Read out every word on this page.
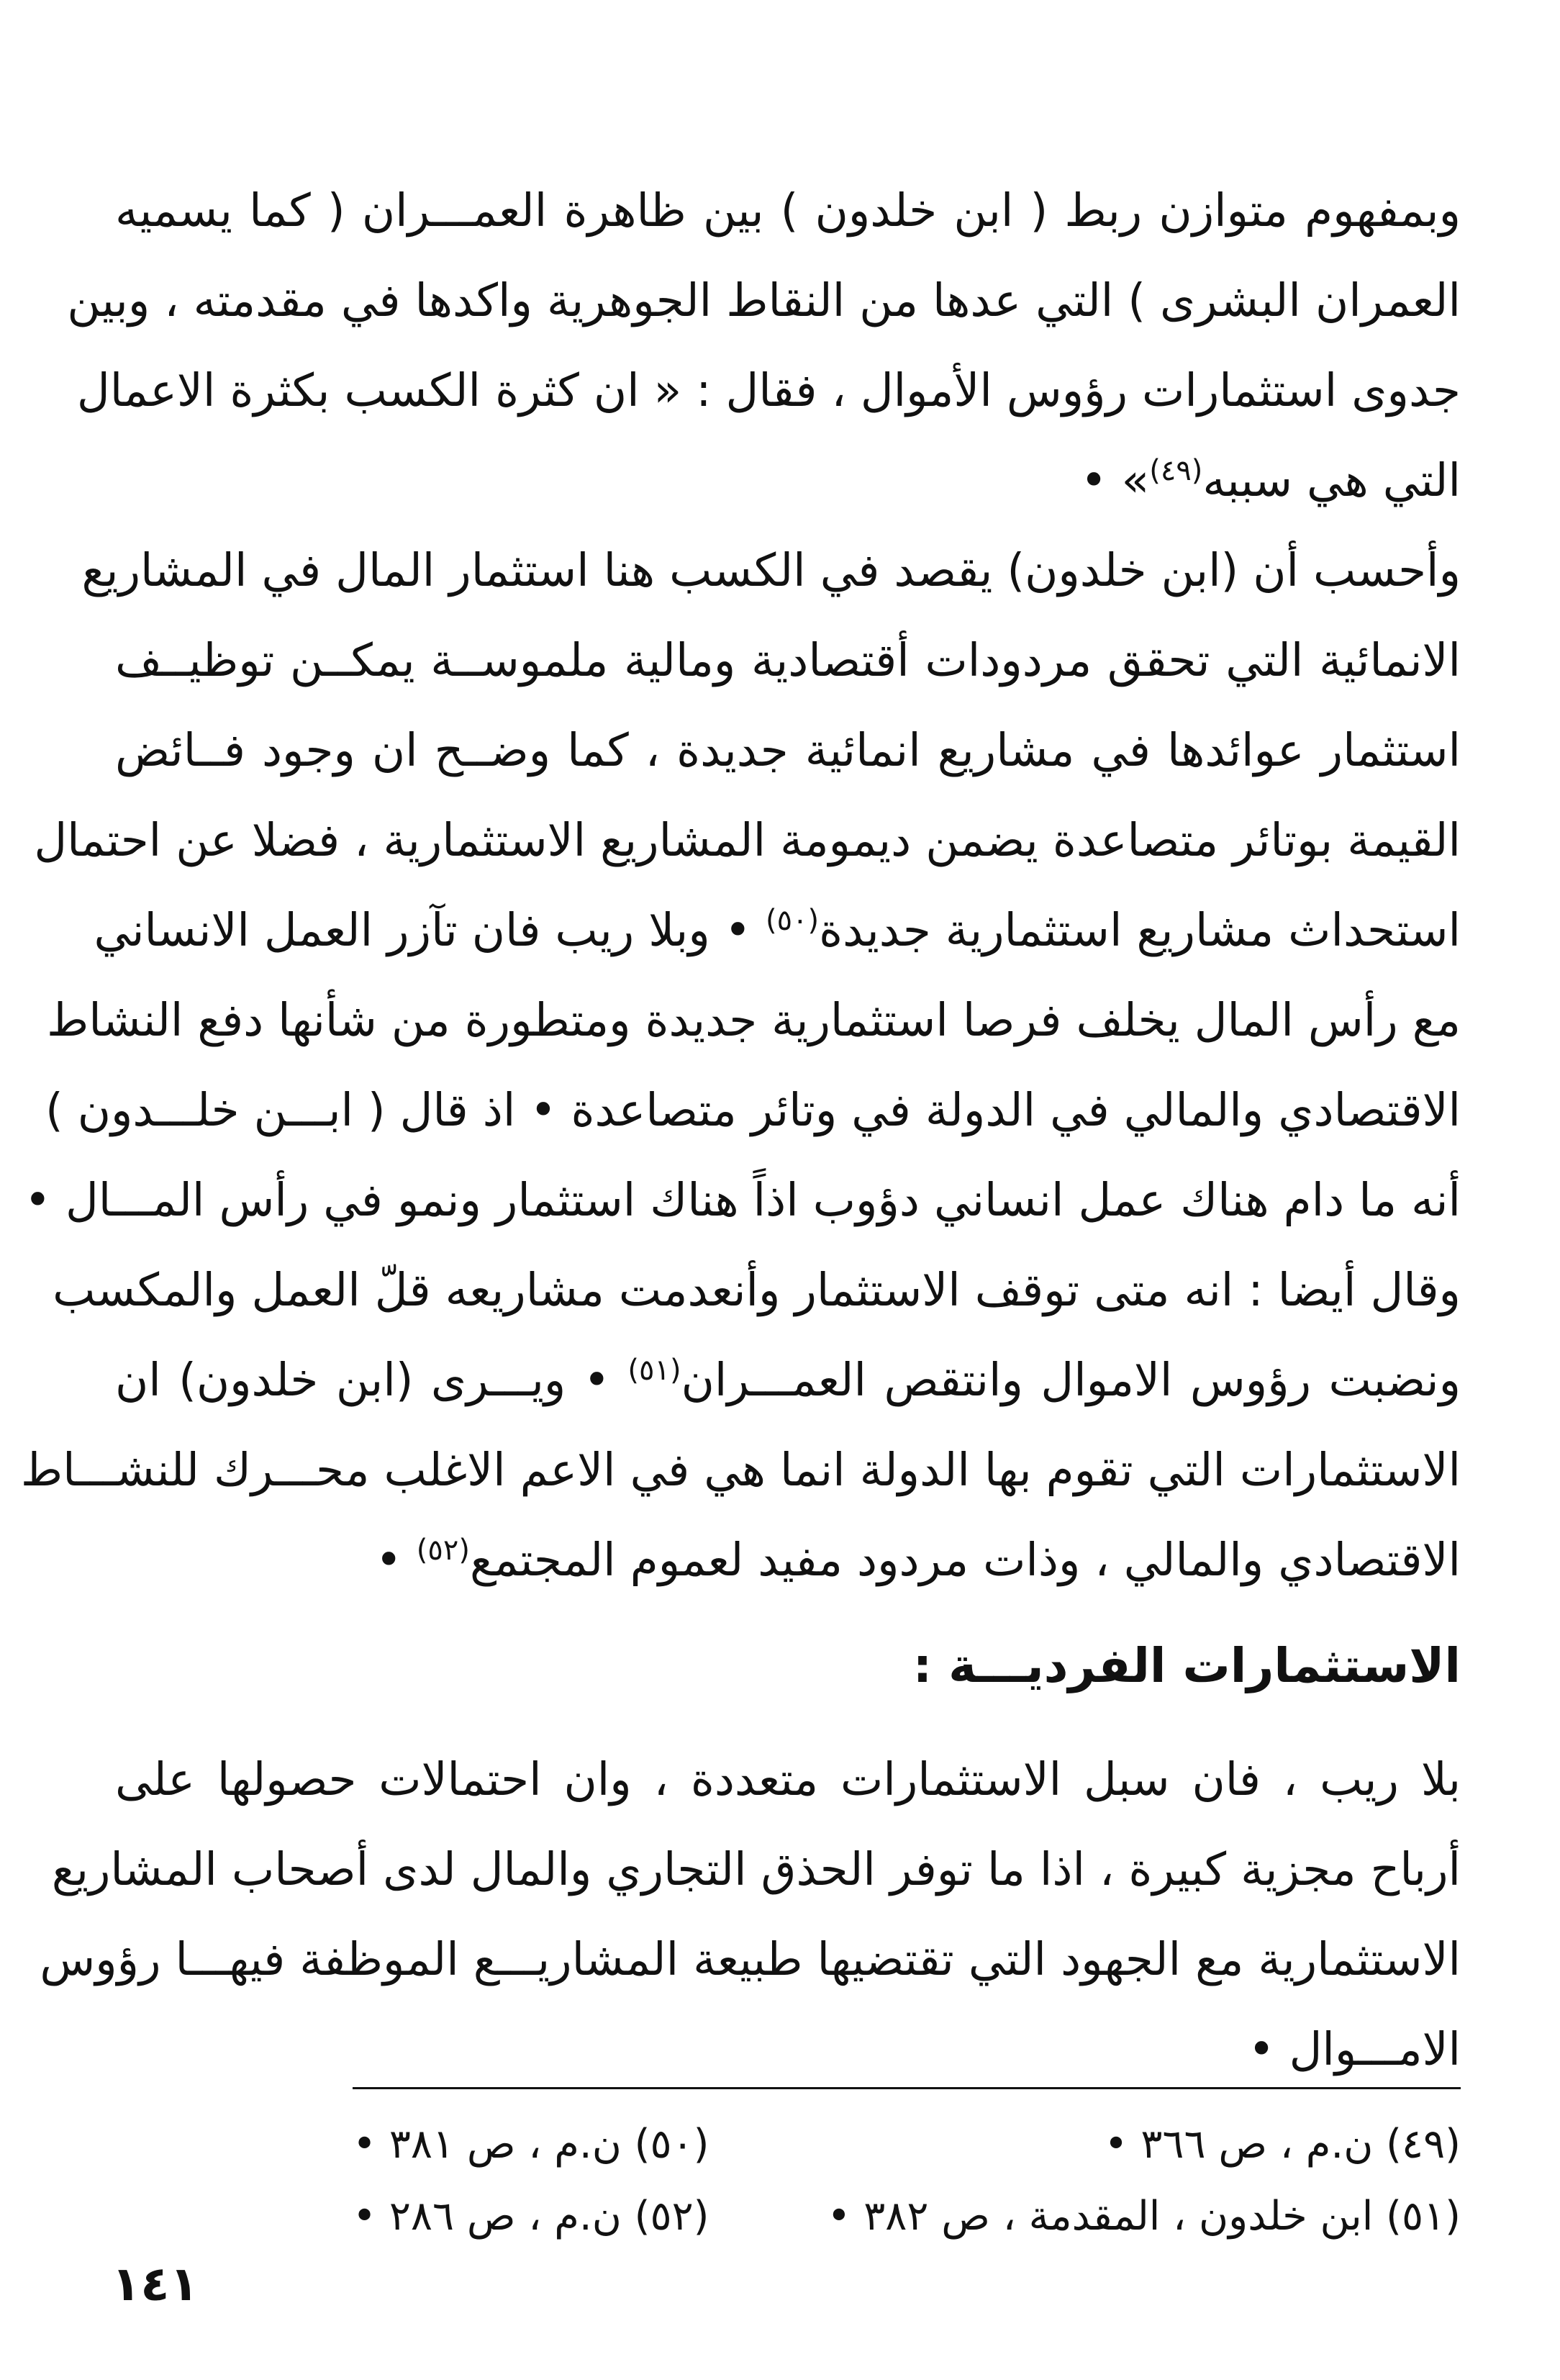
وبمفهوم متوازن ربط ( ابن خلدون ) بين ظاهرة العمـــران ( كما يسميه
العمران البشرى ) التي عدها من النقاط الجوهرية واكدها في مقدمته ، وبين
جدوى استثمارات رؤوس الأموال ، فقال : « ان كثرة الكسب بكثرة الاعمال
التي هي سببه$^{(٤٩)}$» •

وأحسب أن (ابن خلدون) يقصد في الكسب هنا استثمار المال في المشاريع
الانمائية التي تحقق مردودات أقتصادية ومالية ملموســة يمكــن توظيــف
استثمار عوائدها في مشاريع انمائية جديدة ، كما وضــح ان وجود فــائض
القيمة بوتائر متصاعدة يضمن ديمومة المشاريع الاستثمارية ، فضلا عن احتمال
استحداث مشاريع استثمارية جديدة$^{(٥٠)}$ • وبلا ريب فان تآزر العمل الانساني
مع رأس المال يخلف فرصا استثمارية جديدة ومتطورة من شأنها دفع النشاط
الاقتصادي والمالي في الدولة في وتائر متصاعدة • اذ قال ( ابـــن خلـــدون )
أنه ما دام هناك عمل انساني دؤوب اذاً هناك استثمار ونمو في رأس المـــال •
وقال أيضا : انه متى توقف الاستثمار وأنعدمت مشاريعه قلّ العمل والمكسب
ونضبت رؤوس الاموال وانتقص العمـــران$^{(٥١)}$ • ويـــرى (ابن خلدون) ان
الاستثمارات التي تقوم بها الدولة انما هي في الاعم الاغلب محـــرك للنشـــاط
الاقتصادي والمالي ، وذات مردود مفيد لعموم المجتمع$^{(٥٢)}$ •

الاستثمارات الفرديـــة :

بلا ريب ، فان سبل الاستثمارات متعددة ، وان احتمالات حصولها على
أرباح مجزية كبيرة ، اذا ما توفر الحذق التجاري والمال لدى أصحاب المشاريع
الاستثمارية مع الجهود التي تقتضيها طبيعة المشاريـــع الموظفة فيهـــا رؤوس
الامـــوال •

(٤٩) ن.م ، ص ٣٦٦ •
(٥٠) ن.م ، ص ٣٨١ •
(٥١) ابن خلدون ، المقدمة ، ص ٣٨٢ •
(٥٢) ن.م ، ص ٢٨٦ •
١٤١
